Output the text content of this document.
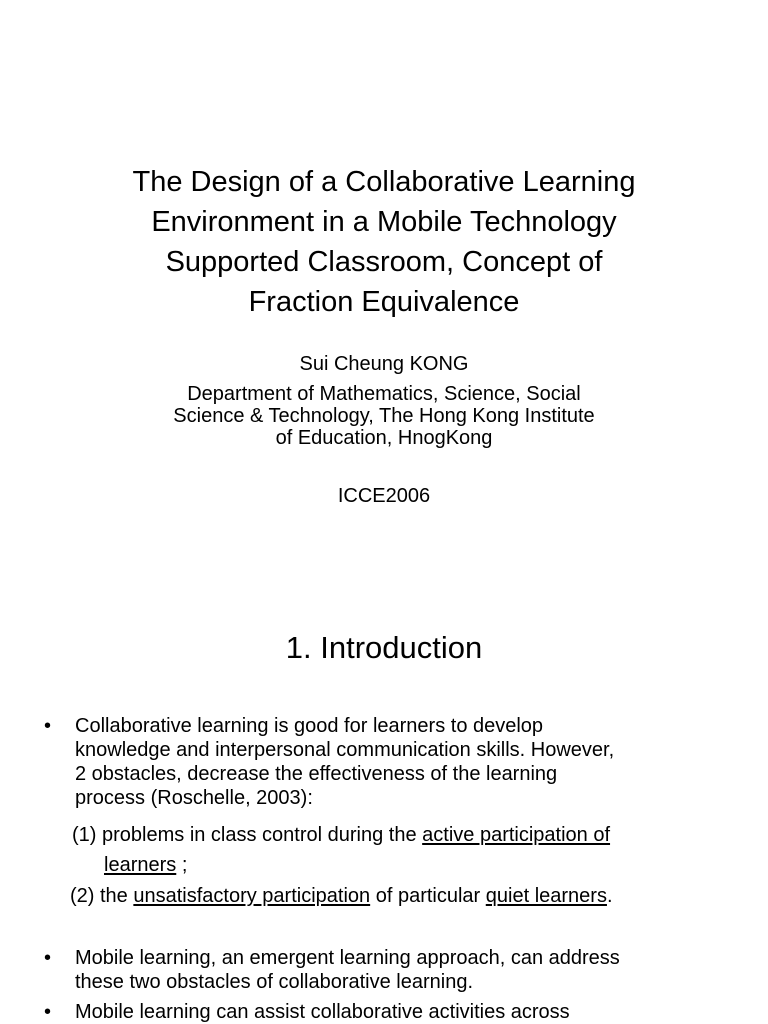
The Design of a Collaborative Learning
Environment in a Mobile Technology
Supported Classroom, Concept of
Fraction Equivalence
Sui Cheung KONG
Department of Mathematics, Science, Social
Science & Technology, The Hong Kong Institute
of Education, HnogKong
ICCE2006
1. Introduction
• Collaborative learning is good for learners to develop
knowledge and interpersonal communication skills. However,
2 obstacles, decrease the effectiveness of the learning
process (Roschelle, 2003):
(1) problems in class control during the active participation of
learners ;
(2) the unsatisfactory participation of particular quiet learners.
• Mobile learning, an emergent learning approach, can address
these two obstacles of collaborative learning.
• Mobile learning can assist collaborative activities across
